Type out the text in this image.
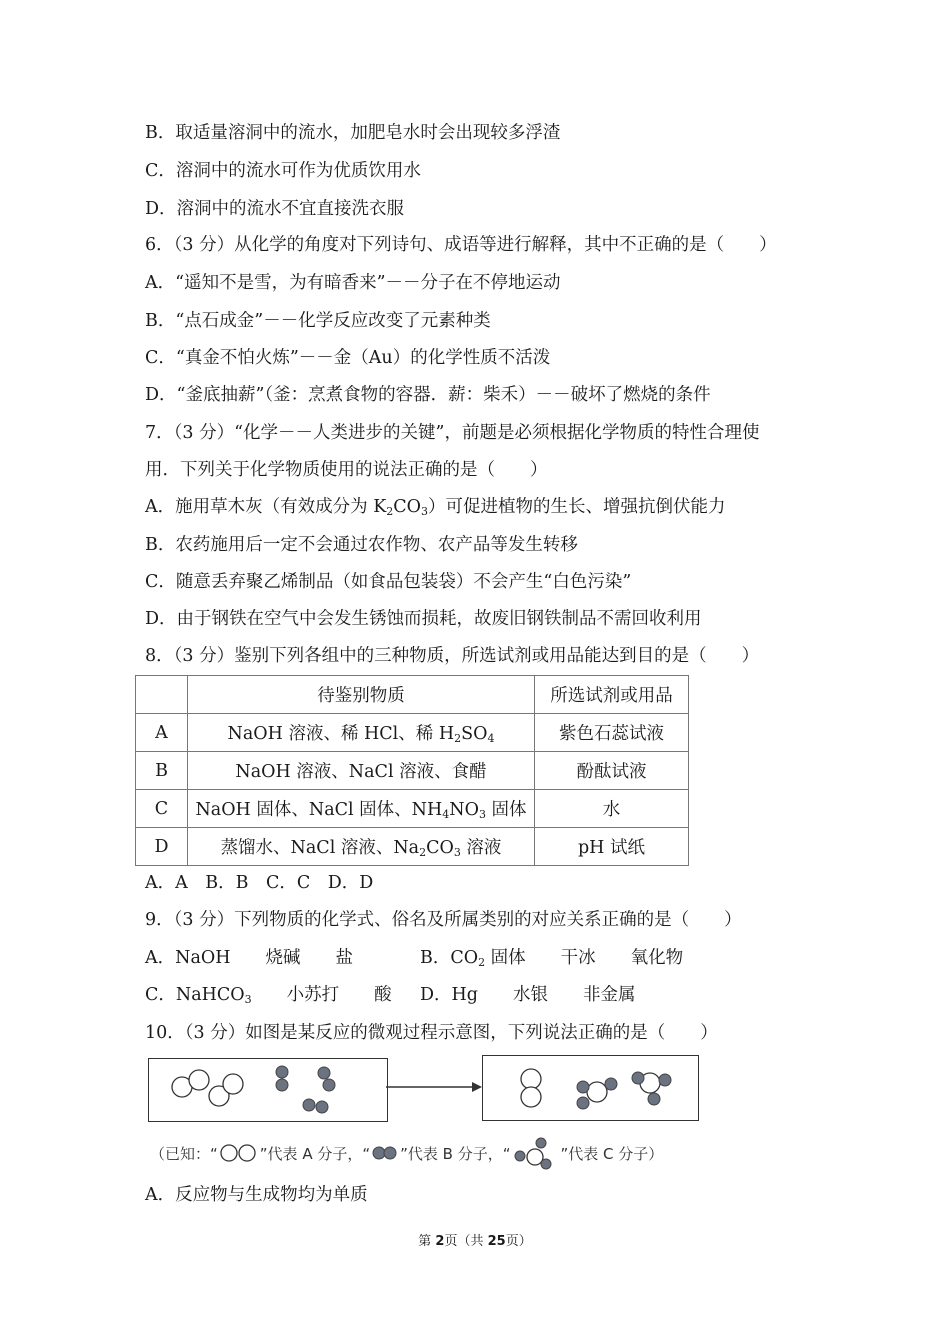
B．取适量溶洞中的流水，加肥皂水时会出现较多浮渣
C．溶洞中的流水可作为优质饮用水
D．溶洞中的流水不宜直接洗衣服
6．（3 分）从化学的角度对下列诗句、成语等进行解释，其中不正确的是（　　）
A．“遥知不是雪，为有暗香来”－－分子在不停地运动
B．“点石成金”－－化学反应改变了元素种类
C．“真金不怕火炼”－－金（Au）的化学性质不活泼
D．“釜底抽薪”（釜：烹煮食物的容器．薪：柴禾）－－破坏了燃烧的条件
7．（3 分）“化学－－人类进步的关键”，前题是必须根据化学物质的特性合理使
用．下列关于化学物质使用的说法正确的是（　　）
A．施用草木灰（有效成分为 $K_2CO_3$）可促进植物的生长、增强抗倒伏能力
B．农药施用后一定不会通过农作物、农产品等发生转移
C．随意丢弃聚乙烯制品（如食品包装袋）不会产生“白色污染”
D．由于钢铁在空气中会发生锈蚀而损耗，故废旧钢铁制品不需回收利用
8．（3 分）鉴别下列各组中的三种物质，所选试剂或用品能达到目的是（　　）
	待鉴别物质	所选试剂或用品
A	NaOH 溶液、稀 HCl、稀 $H_2SO_4$	紫色石蕊试液
B	NaOH 溶液、NaCl 溶液、食醋	酚酞试液
C	NaOH 固体、NaCl 固体、$NH_4NO_3$ 固体	水
D	蒸馏水、NaCl 溶液、$Na_2CO_3$ 溶液	pH 试纸
A．A　B．B　C．C　D．D
9．（3 分）下列物质的化学式、俗名及所属类别的对应关系正确的是（　　）
A．NaOH　　烧碱　　盐	B．$CO_2$ 固体　　干冰　　氧化物
C．NaHCO$_3$　　小苏打　　酸 D．Hg　　水银　　非金属
10．（3 分）如图是某反应的微观过程示意图，下列说法正确的是（　　）
（已知：“	”代表 A 分子，“ ”代表 B 分子，“	”代表 C 分子）
A．反应物与生成物均为单质
第 2页（共 25页）
